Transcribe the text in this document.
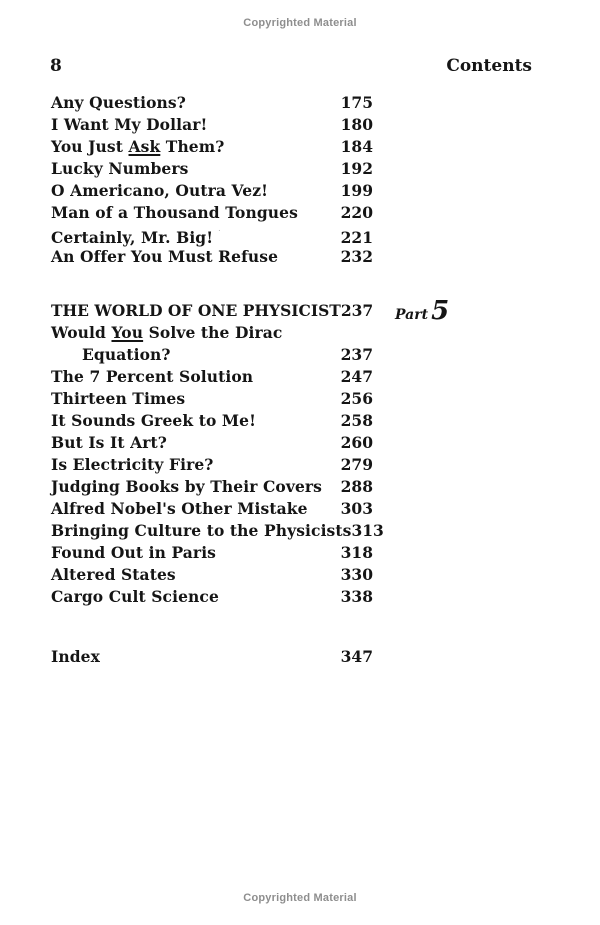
Copyrighted Material
8	Contents
Any Questions?	175
I Want My Dollar!	180
You Just Ask Them?	184
Lucky Numbers	192
O Americano, Outra Vez!	199
Man of a Thousand Tongues	220
Certainly, Mr. Big! ˙	221
An Offer You Must Refuse	232
THE WORLD OF ONE PHYSICIST 237 Part 5
Would You Solve the Dirac
Equation?	237
The 7 Percent Solution	247
Thirteen Times	256
It Sounds Greek to Me!	258
But Is It Art?	260
Is Electricity Fire?	279
Judging Books by Their Covers 288
Alfred Nobel's Other Mistake 303
Bringing Culture to the Physicists 313
Found Out in Paris	318
Altered States	330
Cargo Cult Science	338
Index	347
Copyrighted Material
